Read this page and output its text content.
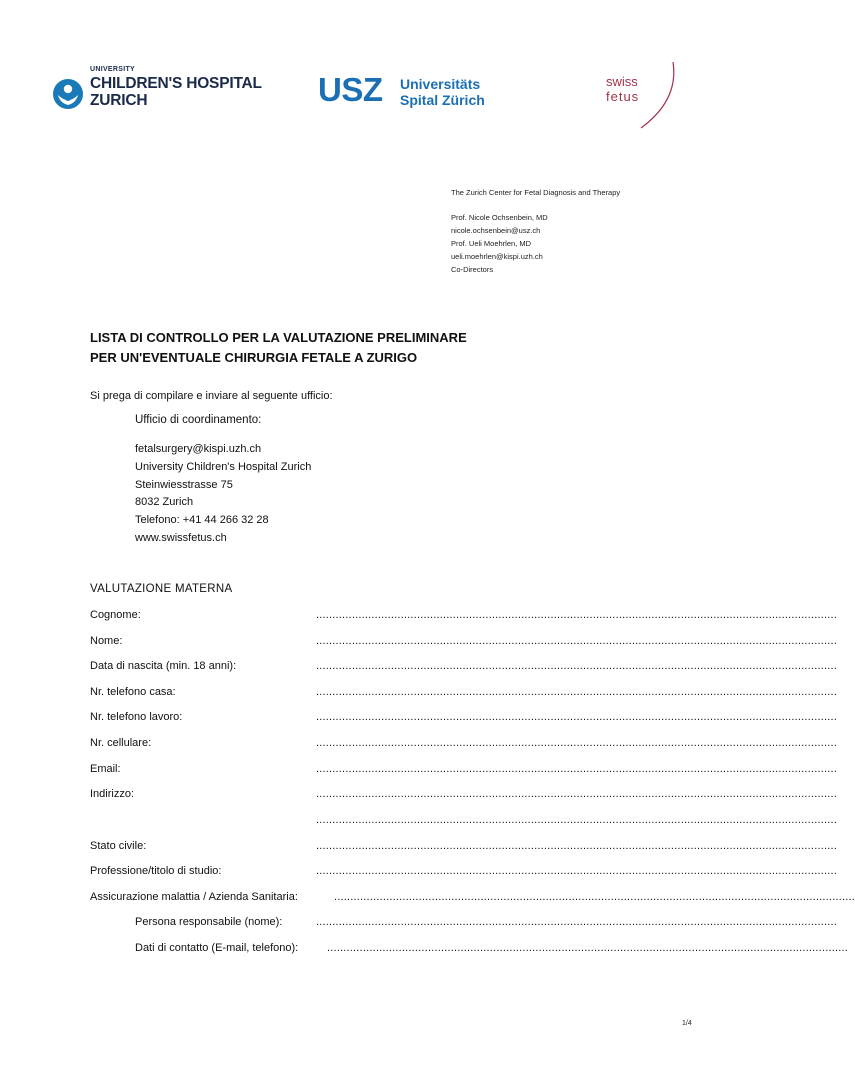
UNIVERSITY
CHILDREN'S HOSPITAL
ZURICH	USZ Universitäts
Spital Zürich
swiss
fetus
The Zurich Center for Fetal Diagnosis and Therapy
Prof. Nicole Ochsenbein, MD
nicole.ochsenbein@usz.ch
Prof. Ueli Moehrlen, MD
ueli.moehrlen@kispi.uzh.ch
Co-Directors
LISTA DI CONTROLLO PER LA VALUTAZIONE PRELIMINARE
PER UN'EVENTUALE CHIRURGIA FETALE A ZURIGO
Si prega di compilare e inviare al seguente ufficio:
Ufficio di coordinamento:
fetalsurgery@kispi.uzh.ch
University Children's Hospital Zurich
Steinwiesstrasse 75
8032 Zurich
Telefono: +41 44 266 32 28
www.swissfetus.ch
VALUTAZIONE MATERNA
Cognome:	................................................................................................................................................................
Nome:	................................................................................................................................................................
Data di nascita (min. 18 anni):	................................................................................................................................................................
Nr. telefono casa:	................................................................................................................................................................
Nr. telefono lavoro:	................................................................................................................................................................
Nr. cellulare:	................................................................................................................................................................
Email:	................................................................................................................................................................
Indirizzo:	................................................................................................................................................................
................................................................................................................................................................
Stato civile:	................................................................................................................................................................
Professione/titolo di studio:	................................................................................................................................................................
Assicurazione malattia / Azienda Sanitaria:	................................................................................................................................................................
Persona responsabile (nome):	................................................................................................................................................................
Dati di contatto (E-mail, telefono):	................................................................................................................................................................
1/4
